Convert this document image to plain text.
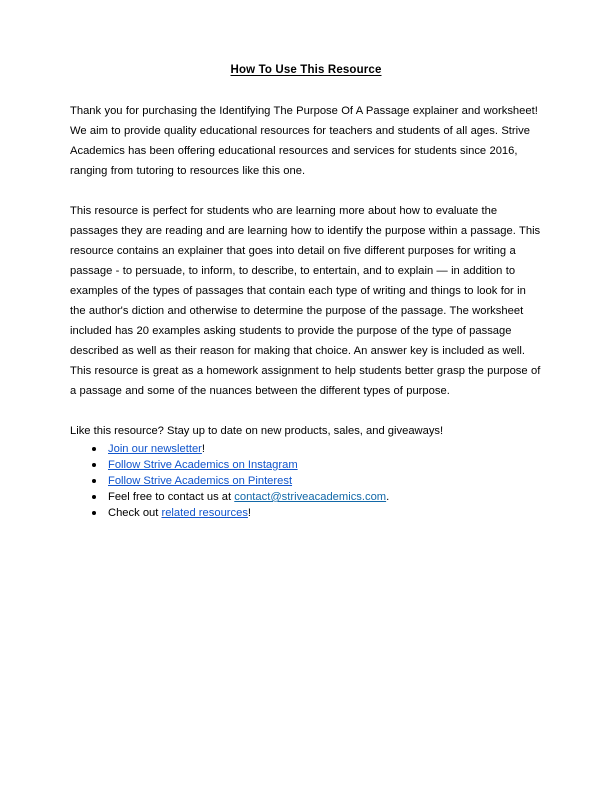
How To Use This Resource

Thank you for purchasing the Identifying The Purpose Of A Passage explainer and worksheet! We aim to provide quality educational resources for teachers and students of all ages. Strive Academics has been offering educational resources and services for students since 2016, ranging from tutoring to resources like this one.

This resource is perfect for students who are learning more about how to evaluate the passages they are reading and are learning how to identify the purpose within a passage. This resource contains an explainer that goes into detail on five different purposes for writing a passage - to persuade, to inform, to describe, to entertain, and to explain — in addition to examples of the types of passages that contain each type of writing and things to look for in the author's diction and otherwise to determine the purpose of the passage. The worksheet included has 20 examples asking students to provide the purpose of the type of passage described as well as their reason for making that choice. An answer key is included as well. This resource is great as a homework assignment to help students better grasp the purpose of a passage and some of the nuances between the different types of purpose.

Like this resource? Stay up to date on new products, sales, and giveaways!

Join our newsletter!
Follow Strive Academics on Instagram
Follow Strive Academics on Pinterest
Feel free to contact us at contact@striveacademics.com.
Check out related resources!
